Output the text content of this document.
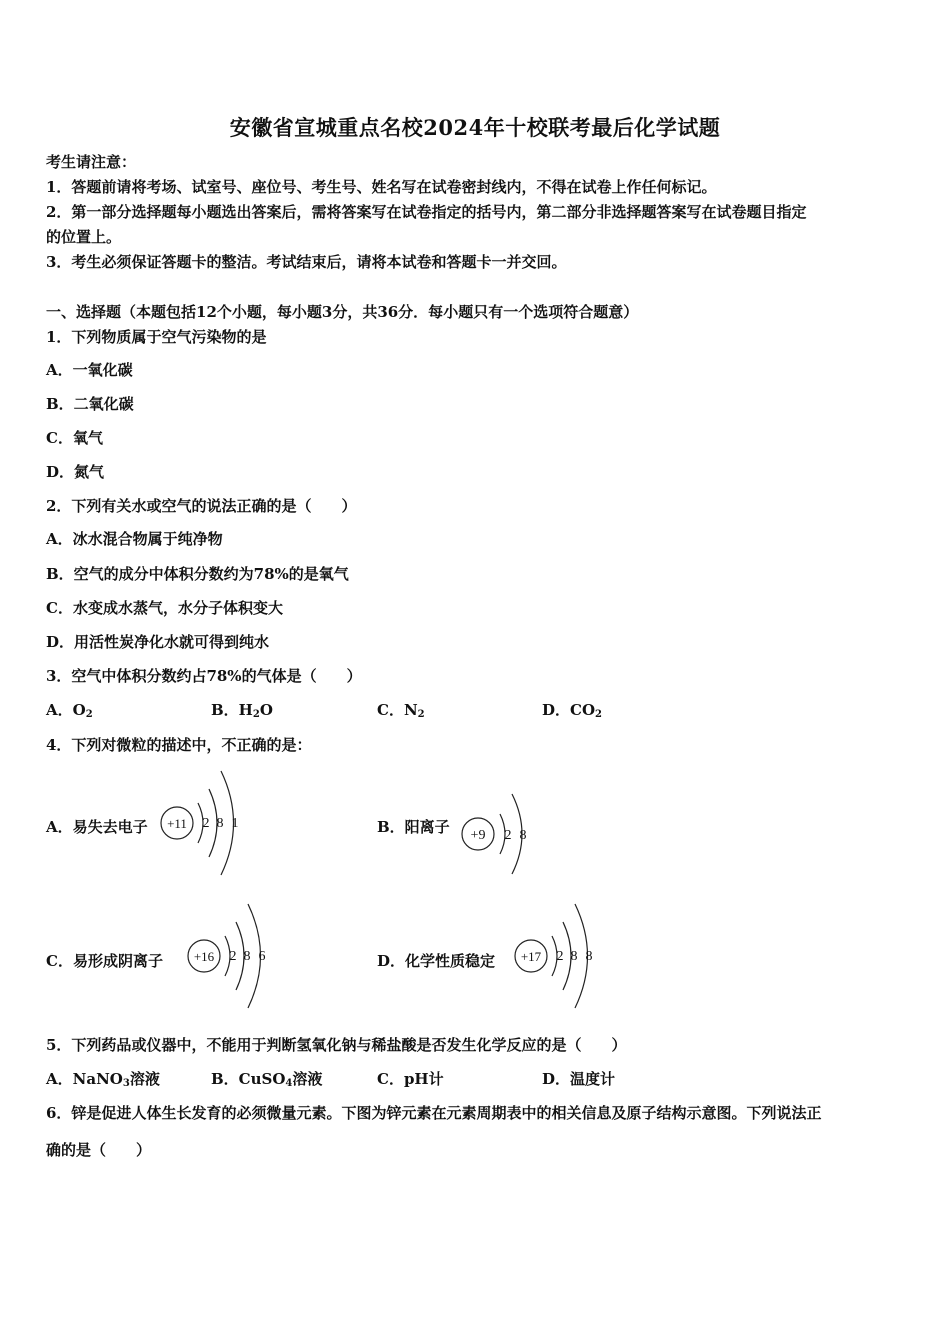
安徽省宣城重点名校2024年十校联考最后化学试题
考生请注意：
1．答题前请将考场、试室号、座位号、考生号、姓名写在试卷密封线内，不得在试卷上作任何标记。
2．第一部分选择题每小题选出答案后，需将答案写在试卷指定的括号内，第二部分非选择题答案写在试卷题目指定
的位置上。
3．考生必须保证答题卡的整洁。考试结束后，请将本试卷和答题卡一并交回。
一、选择题（本题包括12个小题，每小题3分，共36分．每小题只有一个选项符合题意）
1．下列物质属于空气污染物的是
A．一氧化碳
B．二氧化碳
C．氧气
D．氮气
2．下列有关水或空气的说法正确的是（　　）
A．冰水混合物属于纯净物
B．空气的成分中体积分数约为78%的是氧气
C．水变成水蒸气，水分子体积变大
D．用活性炭净化水就可得到纯水
3．空气中体积分数约占78%的气体是（　　）
A．$O_2$	B．$H_2O$	C．$N_2$	D．$CO_2$
4．下列对微粒的描述中，不正确的是：
A．易失去电子 +11 2 8 1	B．阳离子 +9 2 8
C．易形成阴离子 +16 2 8 6	D．化学性质稳定 +17 2 8 8
5．下列药品或仪器中，不能用于判断氢氧化钠与稀盐酸是否发生化学反应的是（　　）
A．NaNO$_3$溶液	B．CuSO$_4$溶液	C．pH计	D．温度计
6．锌是促进人体生长发育的必须微量元素。下图为锌元素在元素周期表中的相关信息及原子结构示意图。下列说法正
确的是（　　）
